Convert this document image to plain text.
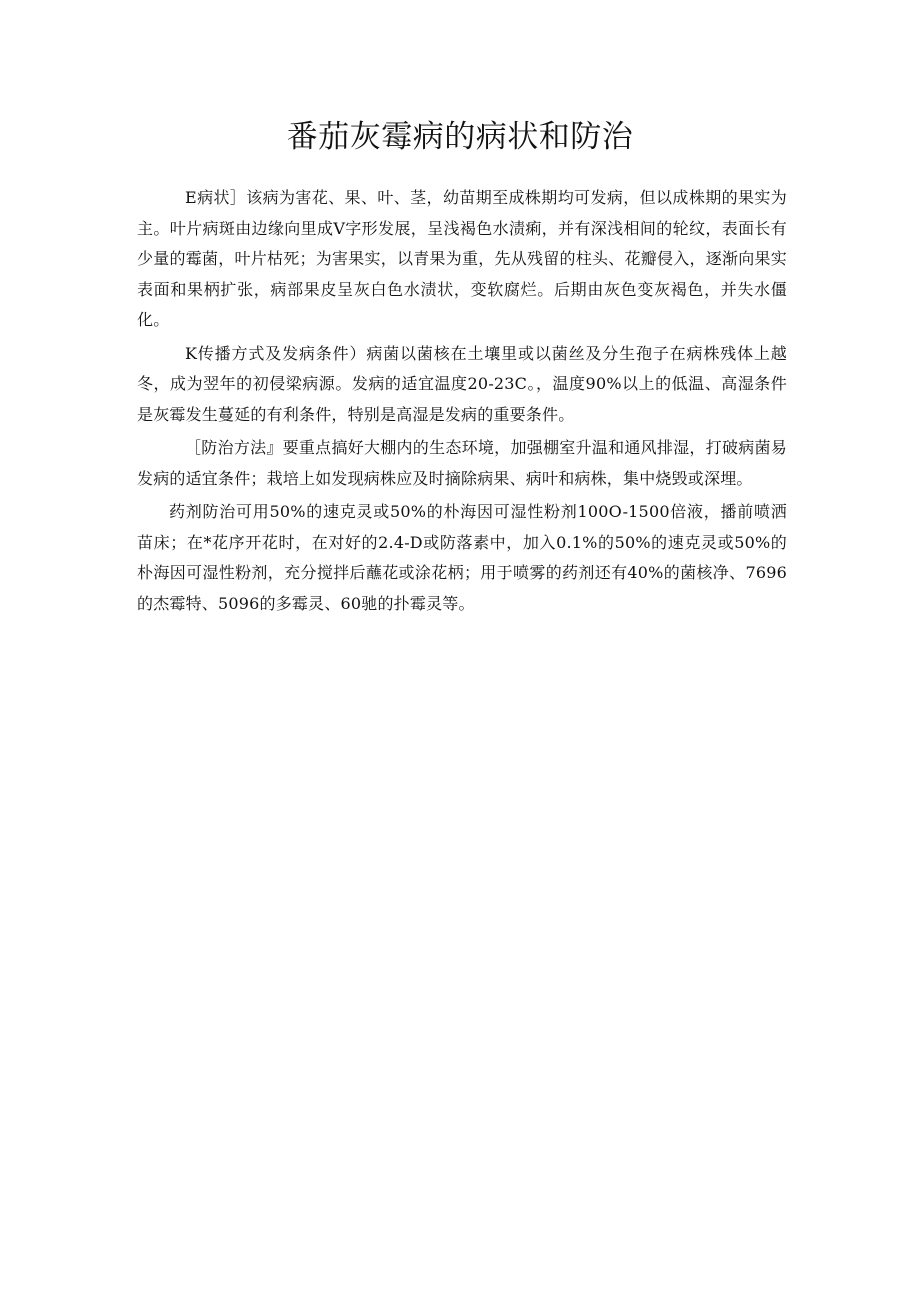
番茄灰霉病的病状和防治

E病状］该病为害花、果、叶、茎，幼苗期至成株期均可发病，但以成株期的果实为主。叶片病斑由边缘向里成V字形发展，呈浅褐色水渍痢，并有深浅相间的轮纹，表面长有少量的霉菌，叶片枯死；为害果实，以青果为重，先从残留的柱头、花瓣侵入，逐渐向果实表面和果柄扩张，病部果皮呈灰白色水渍状，变软腐烂。后期由灰色变灰褐色，并失水僵化。

K传播方式及发病条件）病菌以菌核在土壤里或以菌丝及分生孢子在病株残体上越冬，成为翌年的初侵梁病源。发病的适宜温度20-23C。，温度90%以上的低温、高湿条件是灰霉发生蔓延的有利条件，特别是高湿是发病的重要条件。

［防治方法』要重点搞好大棚内的生态环境，加强棚室升温和通风排湿，打破病菌易发病的适宜条件；栽培上如发现病株应及时摘除病果、病叶和病株，集中烧毁或深埋。

药剂防治可用50%的速克灵或50%的朴海因可湿性粉剂100O-1500倍液，播前喷洒苗床；在*花序开花时，在对好的2.4-D或防落素中，加入0.1%的50%的速克灵或50%的朴海因可湿性粉剂，充分搅拌后蘸花或涂花柄；用于喷雾的药剂还有40%的菌核净、7696的杰霉特、5096的多霉灵、60驰的扑霉灵等。
